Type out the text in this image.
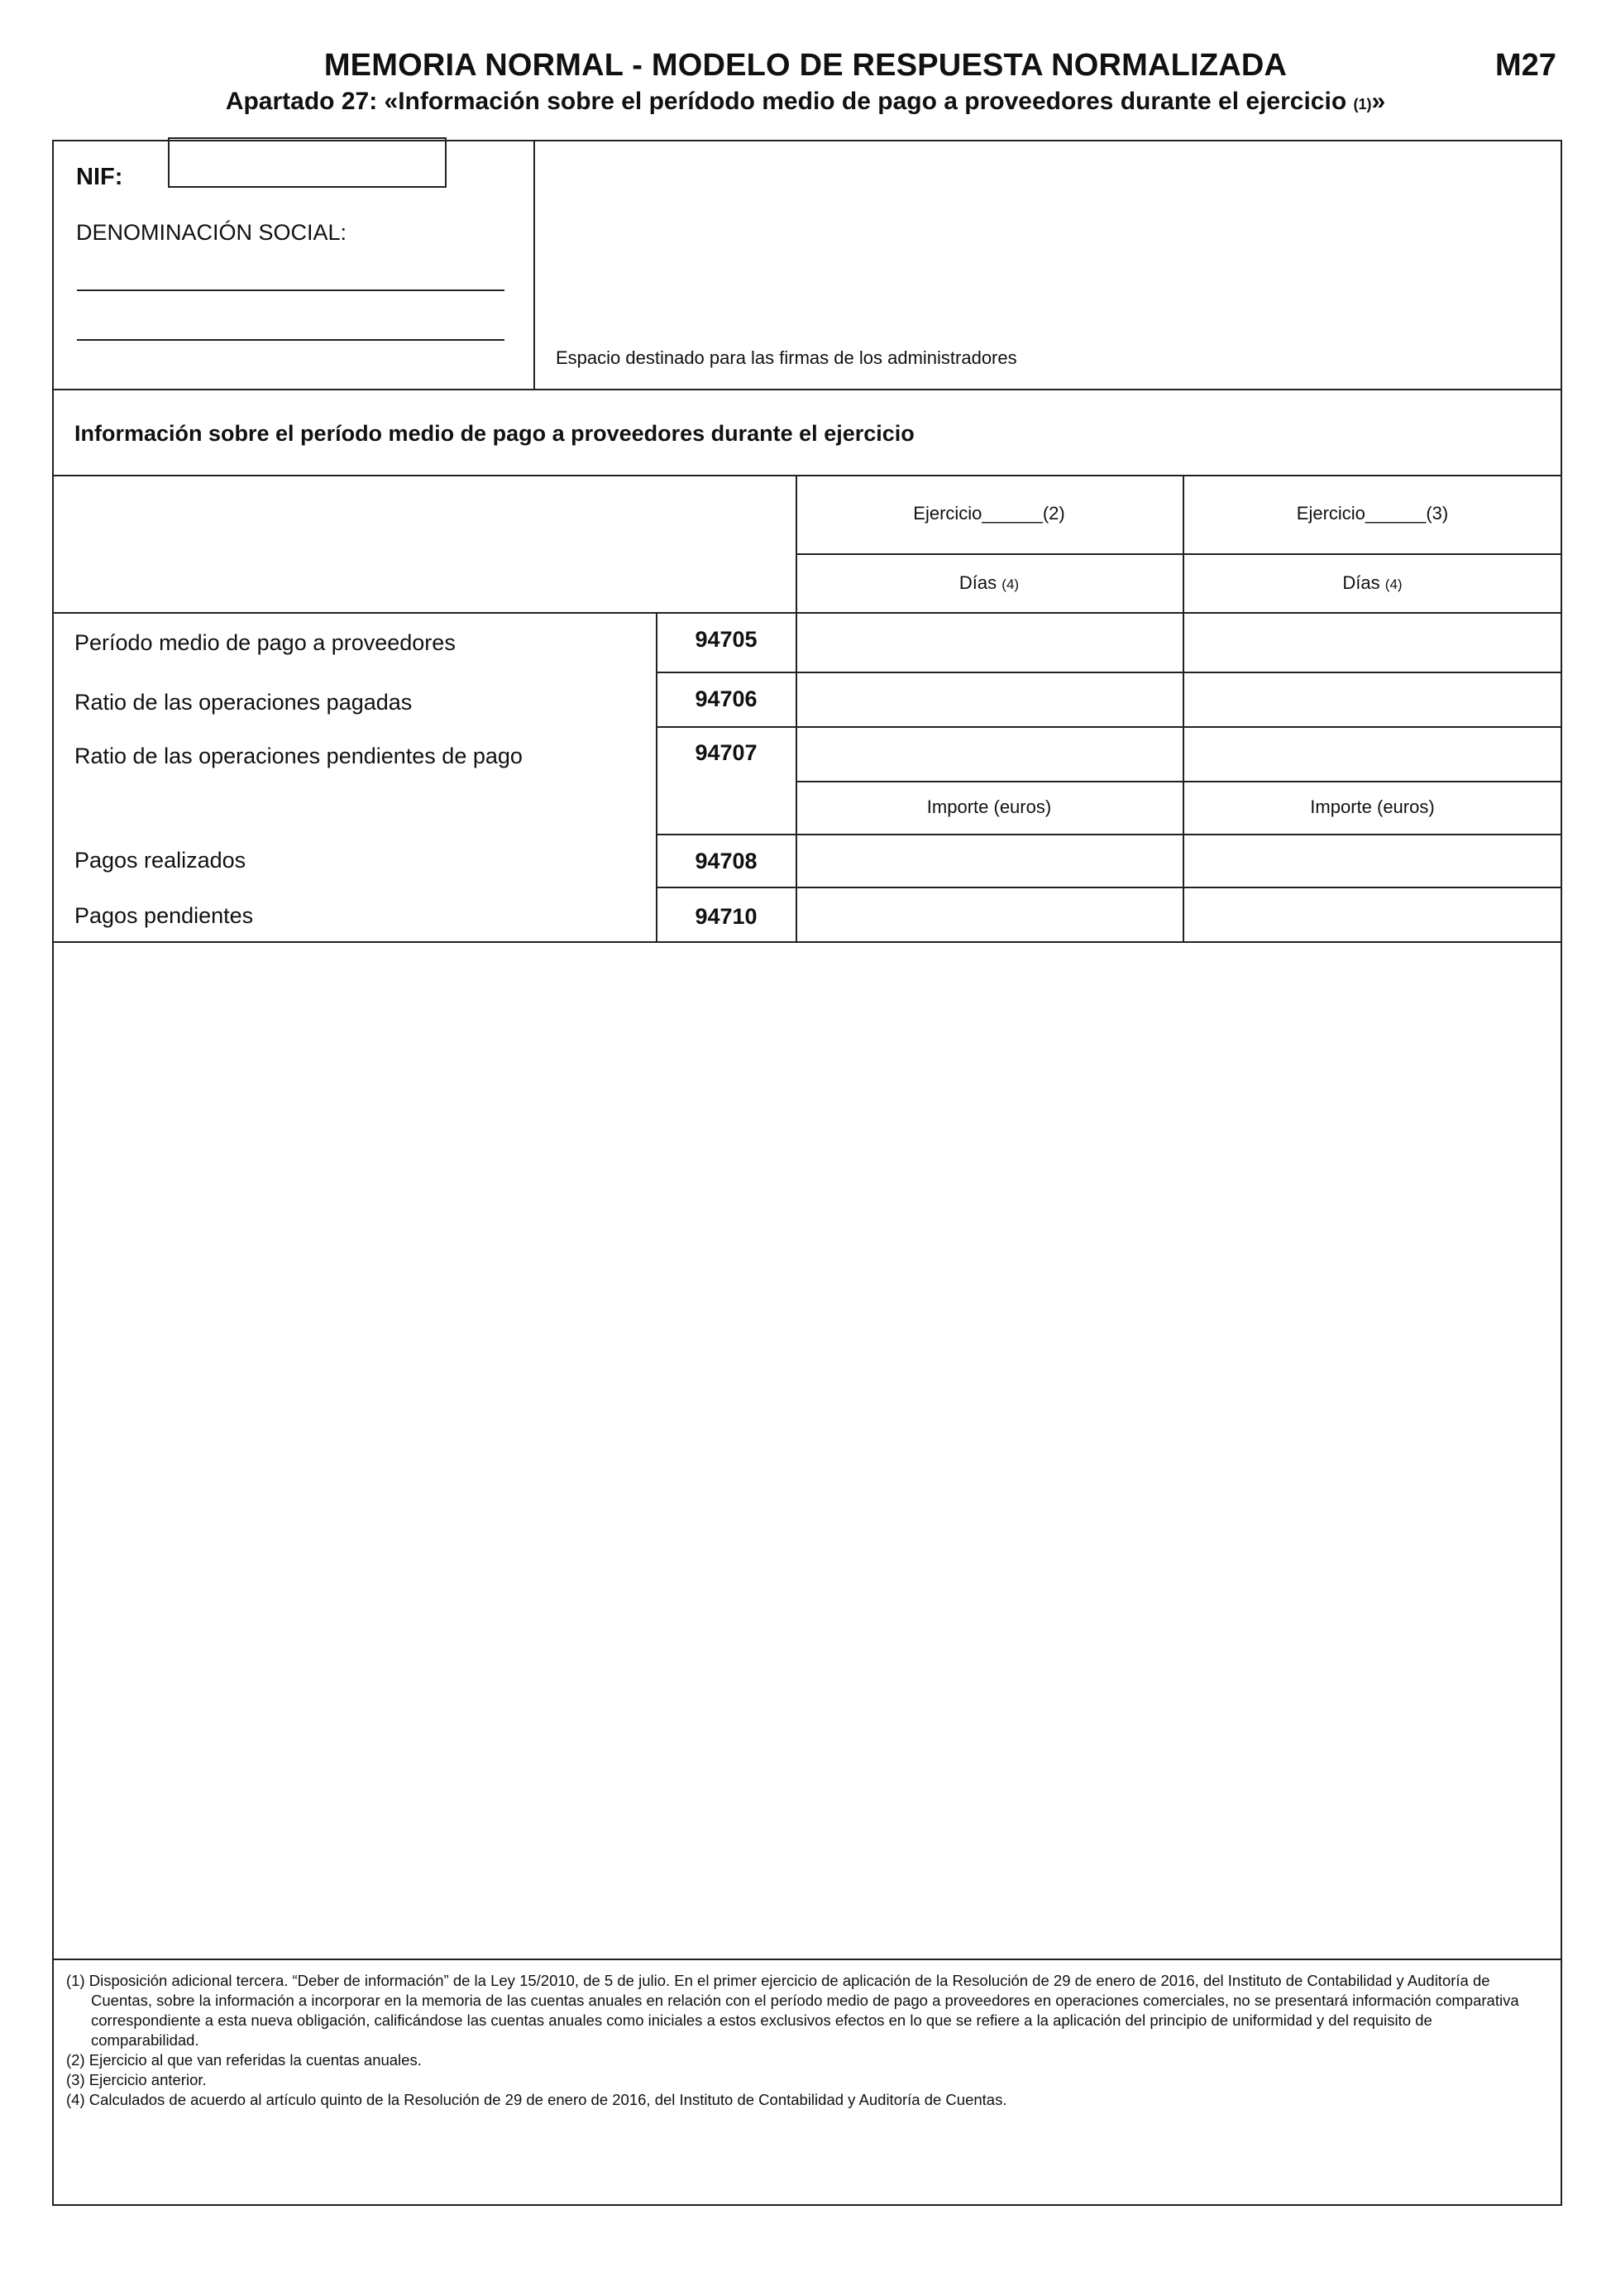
MEMORIA NORMAL - MODELO DE RESPUESTA NORMALIZADA	M27
Apartado 27: «Información sobre el perídodo medio de pago a proveedores durante el ejercicio (1)»
NIF:
DENOMINACIÓN SOCIAL:
Espacio destinado para las firmas de los administradores
Información sobre el período medio de pago a proveedores durante el ejercicio
Ejercicio______(2)	Ejercicio______(3)
Días (4)	Días (4)
Importe (euros)	Importe (euros)
Período medio de pago a proveedores	94705
Ratio de las operaciones pagadas	94706
Ratio de las operaciones pendientes de pago	94707
Pagos realizados	94708
Pagos pendientes	94710

(1) Disposición adicional tercera. “Deber de información” de la Ley 15/2010, de 5 de julio. En el primer ejercicio de aplicación de la Resolución de 29 de enero de 2016, del Instituto de Contabilidad y Auditoría de Cuentas, sobre la información a incorporar en la memoria de las cuentas anuales en relación con el período medio de pago a proveedores en operaciones comerciales, no se presentará información comparativa correspondiente a esta nueva obligación, calificándose las cuentas anuales como iniciales a estos exclusivos efectos en lo que se refiere a la aplicación del principio de uniformidad y del requisito de comparabilidad.

(2) Ejercicio al que van referidas la cuentas anuales.

(3) Ejercicio anterior.

(4) Calculados de acuerdo al artículo quinto de la Resolución de 29 de enero de 2016, del Instituto de Contabilidad y Auditoría de Cuentas.
